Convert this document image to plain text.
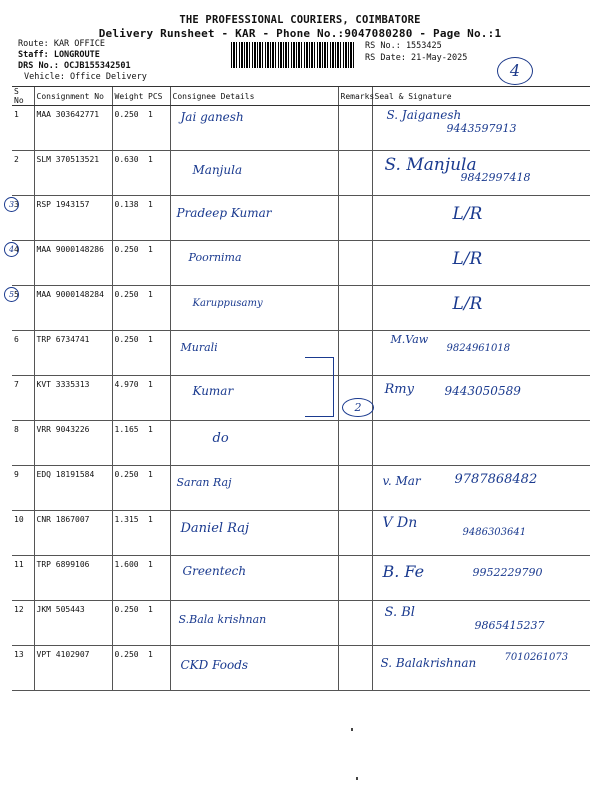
THE PROFESSIONAL COURIERS, COIMBATORE
Delivery Runsheet - KAR - Phone No.:9047080280 - Page No.:1
Route: KAR OFFICE
Staff: LONGROUTE
DRS No.: OCJB155342501
Vehicle: Office Delivery
RS No.: 1553425
RS Date: 21-May-2025
4
S No	Consignment No	Weight	PCS	Consignee Details	Remarks	Seal & Signature
1	MAA 303642771	0.250	1	Jai ganesh		S. Jaiganesh
9443597913

2	SLM 370513521	0.630	1	Manjula		S. Manjula
9842997418

3
3	RSP 1943157	0.138	1	Pradeep Kumar		L/R

4
4	MAA 9000148286	0.250	1	Poornima		L/R

5
5	MAA 9000148284	0.250	1	Karuppusamy		L/R

6	TRP 6734741	0.250	1	Murali		M.Vaw
9824961018

7	KVT 3335313	4.970	1	Kumar		Rmy 9443050589

8	VRR 9043226	1.165	1	do		

9	EDQ 18191584	0.250	1	Saran Raj		v. Mar 9787868482

10	CNR 1867007	1.315	1	Daniel Raj		V Dn
9486303641

11	TRP 6899106	1.600	1	Greentech		B. Fe 9952229790

12	JKM 505443	0.250	1	S.Bala krishnan		S. Bl
9865415237

13	VPT 4102907	0.250	1	CKD Foods		S. Balakrishnan 7010261073
2
